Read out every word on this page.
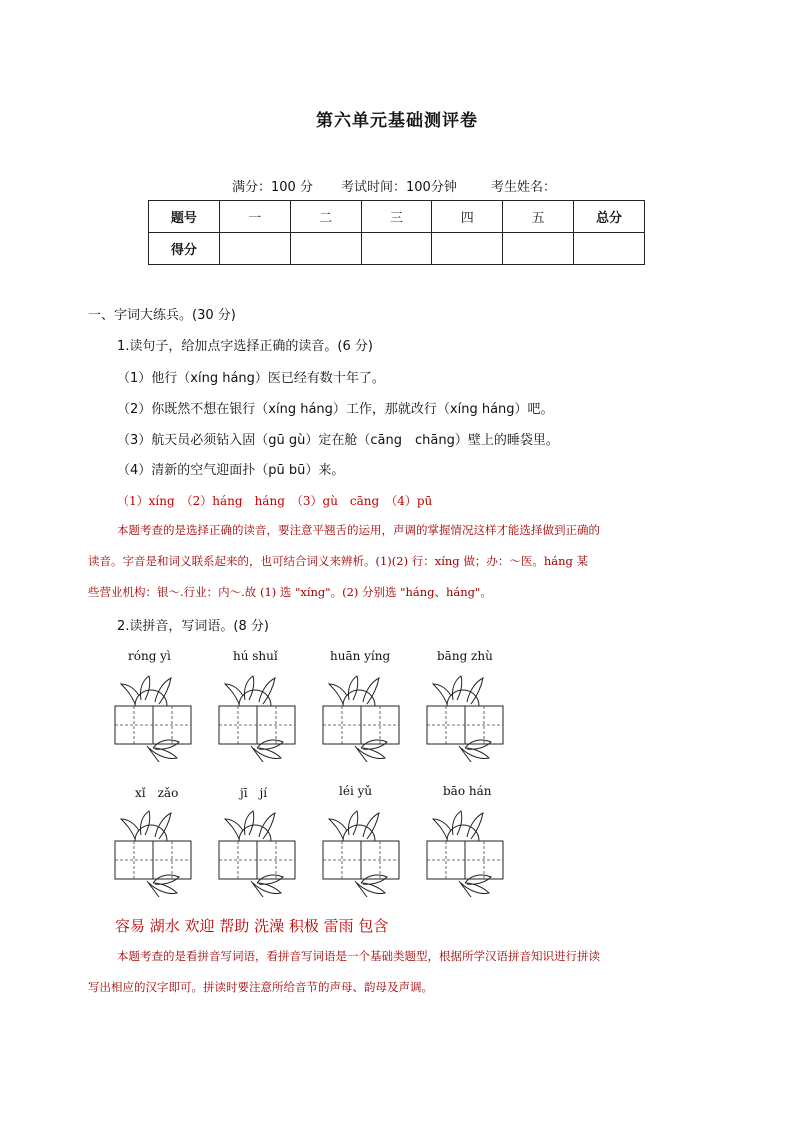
第六单元基础测评卷
满分：100 分 考试时间：100分钟	考生姓名：
题号	一	二	三	四	五	总分
得分						
一、字词大练兵。(30 分)
1.读句子，给加点字选择正确的读音。(6 分)
（1）他行（xíng háng）医已经有数十年了。
（2）你既然不想在银行（xíng háng）工作，那就改行（xíng háng）吧。
（3）航天员必须钻入固（gū gù）定在舱（cāng　chāng）壁上的睡袋里。
（4）清新的空气迎面扑（pū bū）来。
（1）xíng　（2）háng　háng　（3）gù　cāng　（4）pū
本题考查的是选择正确的读音，要注意平翘舌的运用，声调的掌握情况这样才能选择做到正确的
读音。字音是和词义联系起来的，也可结合词义来辨析。(1)(2) 行：xíng 做；办：～医。háng 某
些营业机构：银～.行业：内～.故 (1) 选 "xíng"。(2) 分别选 "háng、háng"。
2.读拼音，写词语。(8 分)
róng yì	hú shuǐ	huān yíng	bāng zhù
xǐ　zǎo	jī　jí	léi yǔ	bāo hán
容易 湖水 欢迎 帮助 洗澡 积极 雷雨 包含
本题考查的是看拼音写词语，看拼音写词语是一个基础类题型，根据所学汉语拼音知识进行拼读
写出相应的汉字即可。拼读时要注意所给音节的声母、韵母及声调。
